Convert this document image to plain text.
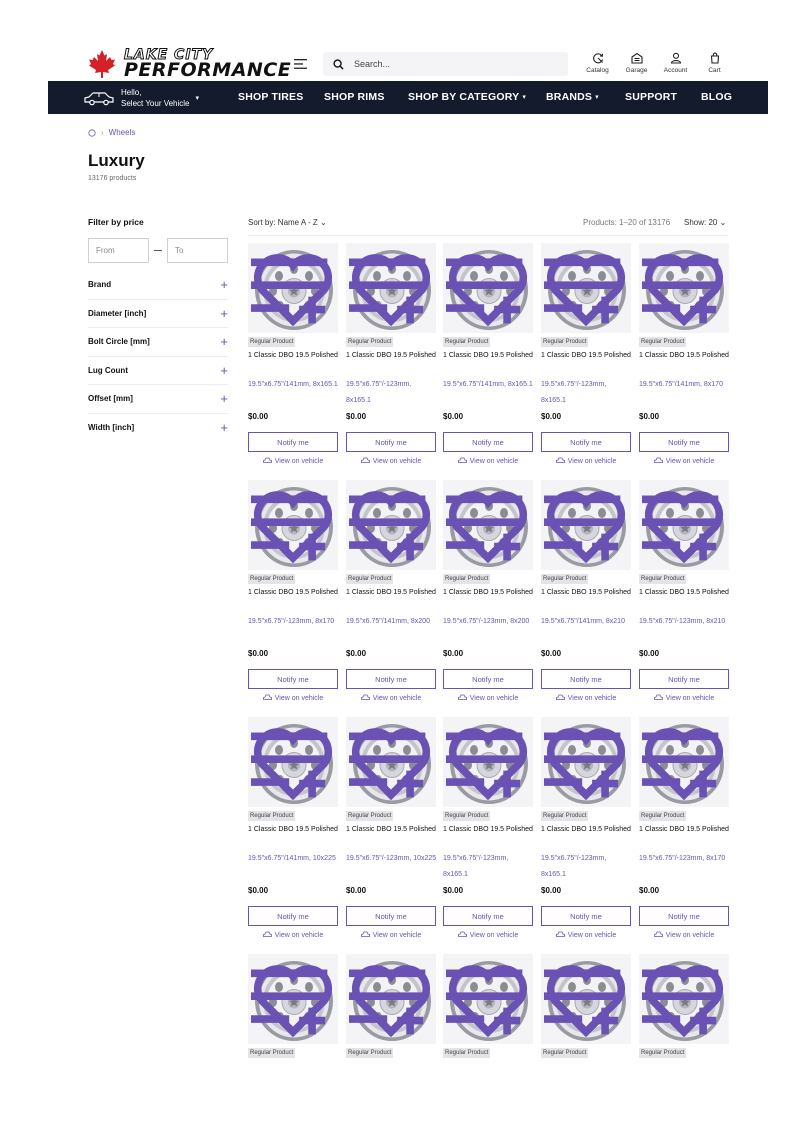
LAKE CITY
PERFORMANCE
Search...	Catalog	Garage	Account	Cart
Hello,
Select Your Vehicle
▾	SHOP TIRES SHOP RIMS SHOP BY CATEGORY ▾ BRANDS ▾ SUPPORT BLOG
› Wheels
Luxury
13176 products
Filter by price
From
To
Brand	+
Diameter [inch]	+
Bolt Circle [mm]	+
Lug Count	+
Offset [mm]	+
Width [inch]	+
Sort by: Name A - Z ⌄	Products: 1–20 of 13176 Show: 20 ⌄
Regular Product
1 Classic DBO 19.5 Polished
19.5"x6.75"/141mm, 8x165.1
$0.00
Notify me
View on vehicle
Regular Product
1 Classic DBO 19.5 Polished
19.5"x6.75"/-123mm, 8x165.1
$0.00
Notify me
View on vehicle
Regular Product
1 Classic DBO 19.5 Polished
19.5"x6.75"/141mm, 8x165.1
$0.00
Notify me
View on vehicle
Regular Product
1 Classic DBO 19.5 Polished
19.5"x6.75"/-123mm, 8x165.1
$0.00
Notify me
View on vehicle
Regular Product
1 Classic DBO 19.5 Polished
19.5"x6.75"/141mm, 8x170
$0.00
Notify me
View on vehicle
Regular Product
1 Classic DBO 19.5 Polished
19.5"x6.75"/-123mm, 8x170
$0.00
Notify me
View on vehicle
Regular Product
1 Classic DBO 19.5 Polished
19.5"x6.75"/141mm, 8x200
$0.00
Notify me
View on vehicle
Regular Product
1 Classic DBO 19.5 Polished
19.5"x6.75"/-123mm, 8x200
$0.00
Notify me
View on vehicle
Regular Product
1 Classic DBO 19.5 Polished
19.5"x6.75"/141mm, 8x210
$0.00
Notify me
View on vehicle
Regular Product
1 Classic DBO 19.5 Polished
19.5"x6.75"/-123mm, 8x210
$0.00
Notify me
View on vehicle
Regular Product
1 Classic DBO 19.5 Polished
19.5"x6.75"/141mm, 10x225
$0.00
Notify me
View on vehicle
Regular Product
1 Classic DBO 19.5 Polished
19.5"x6.75"/-123mm, 10x225
$0.00
Notify me
View on vehicle
Regular Product
1 Classic DBO 19.5 Polished
19.5"x6.75"/-123mm, 8x165.1
$0.00
Notify me
View on vehicle
Regular Product
1 Classic DBO 19.5 Polished
19.5"x6.75"/-123mm, 8x165.1
$0.00
Notify me
View on vehicle
Regular Product
1 Classic DBO 19.5 Polished
19.5"x6.75"/-123mm, 8x170
$0.00
Notify me
View on vehicle
Regular Product	Regular Product	Regular Product	Regular Product	Regular Product
